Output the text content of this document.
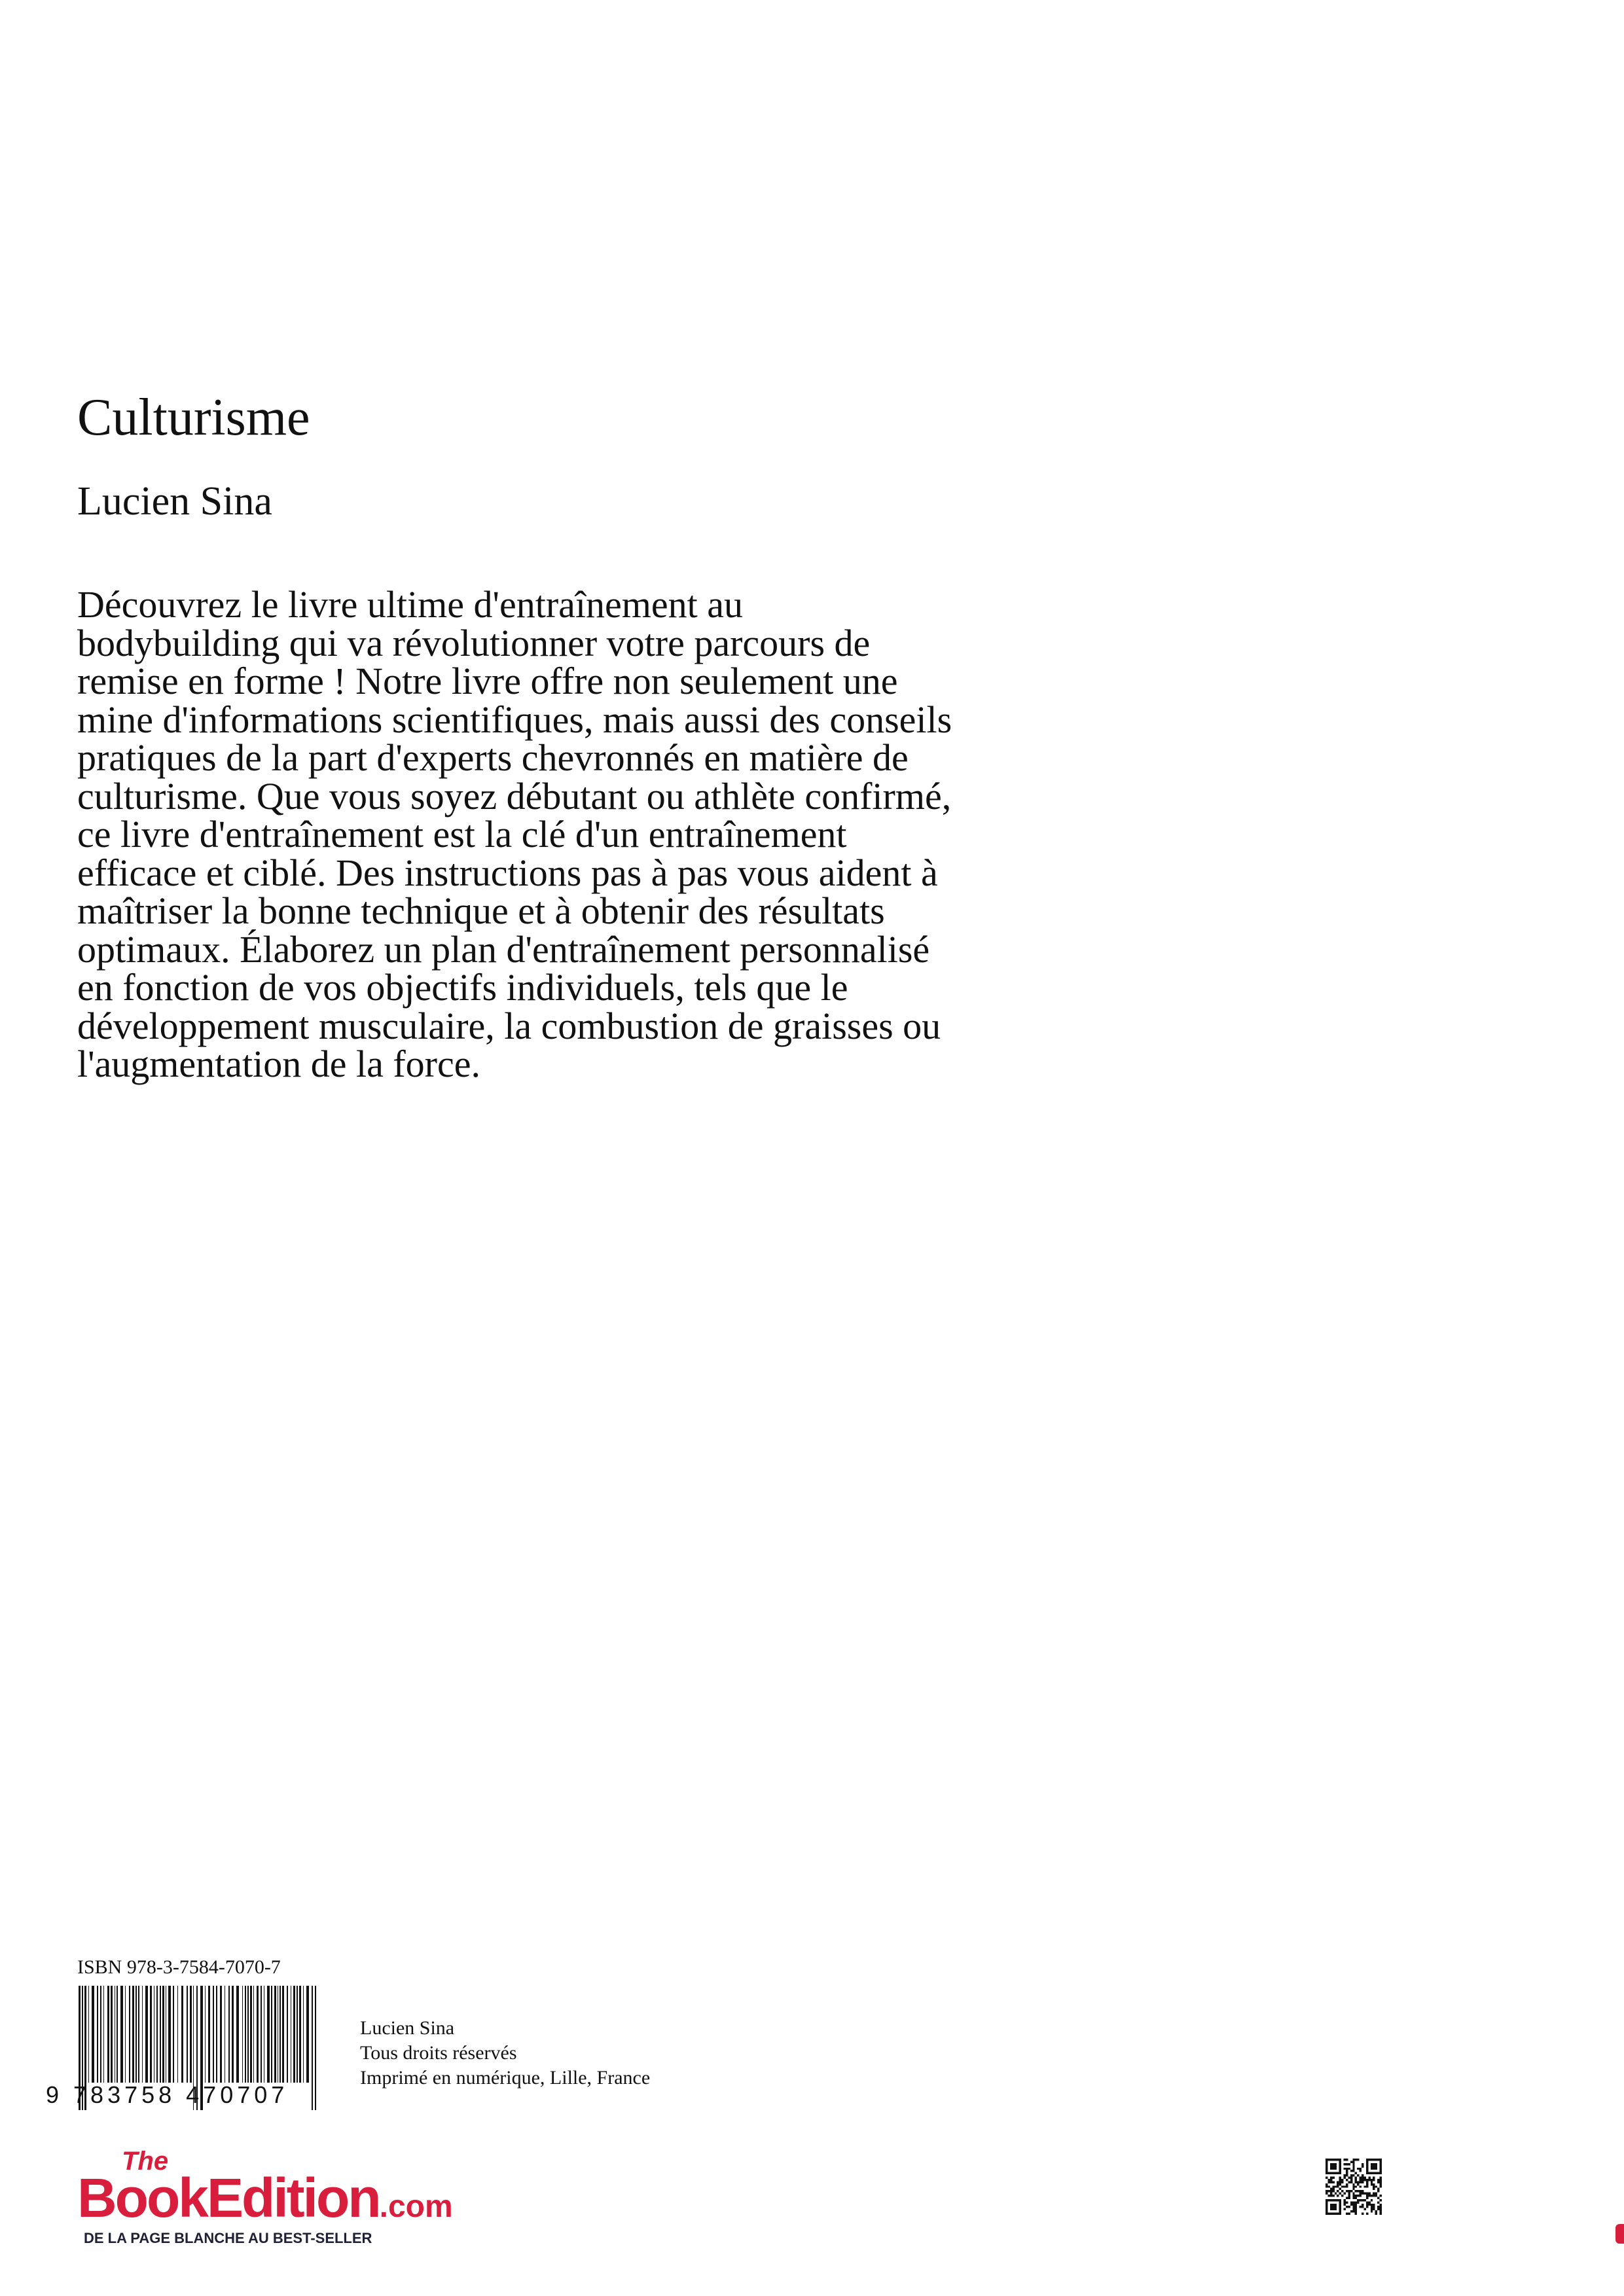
Culturisme
Lucien Sina
Découvrez le livre ultime d'entraînement au
bodybuilding qui va révolutionner votre parcours de
remise en forme ! Notre livre offre non seulement une
mine d'informations scientifiques, mais aussi des conseils
pratiques de la part d'experts chevronnés en matière de
culturisme. Que vous soyez débutant ou athlète confirmé,
ce livre d'entraînement est la clé d'un entraînement
efficace et ciblé. Des instructions pas à pas vous aident à
maîtriser la bonne technique et à obtenir des résultats
optimaux. Élaborez un plan d'entraînement personnalisé
en fonction de vos objectifs individuels, tels que le
développement musculaire, la combustion de graisses ou
l'augmentation de la force.
ISBN 978-3-7584-7070-7
9 783758 470707
Lucien Sina
Tous droits réservés
Imprimé en numérique, Lille, France
The
BookEdition.com
DE LA PAGE BLANCHE AU BEST-SELLER
